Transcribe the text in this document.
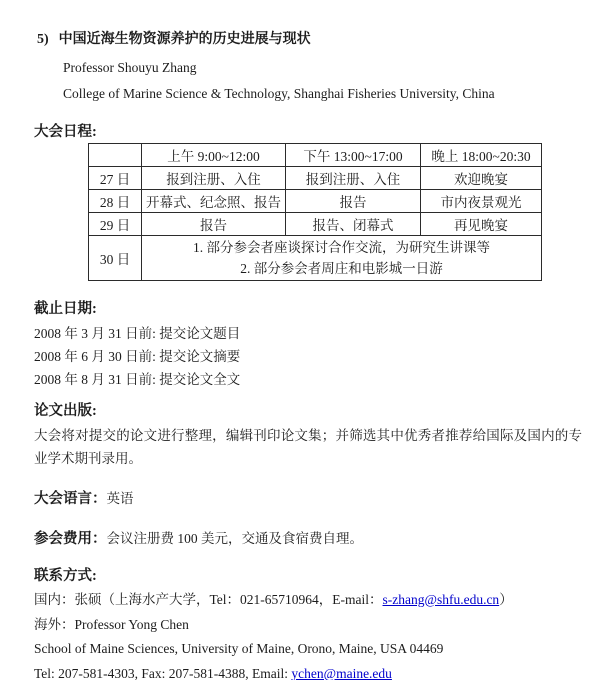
5) 中国近海生物资源养护的历史进展与现状
Professor Shouyu Zhang
College of Marine Science & Technology, Shanghai Fisheries University, China
大会日程:
	上午 9:00~12:00	下午 13:00~17:00	晚上 18:00~20:30
27 日	报到注册、入住	报到注册、入住	欢迎晚宴
28 日	开幕式、纪念照、报告	报告	市内夜景观光
29 日	报告	报告、闭幕式	再见晚宴
30 日	1. 部分参会者座谈探讨合作交流，为研究生讲课等
2. 部分参会者周庄和电影城一日游		
截止日期:
2008 年 3 月 31 日前: 提交论文题目
2008 年 6 月 30 日前: 提交论文摘要
2008 年 8 月 31 日前: 提交论文全文
论文出版:
大会将对提交的论文进行整理，编辑刊印论文集；并筛选其中优秀者推荐给国际及国内的专业学术期刊录用。
大会语言：英语
参会费用：会议注册费 100 美元，交通及食宿费自理。
联系方式:
国内：张硕（上海水产大学，Tel：021-65710964，E-mail：s-zhang@shfu.edu.cn）
海外：Professor Yong Chen
School of Maine Sciences, University of Maine, Orono, Maine, USA 04469
Tel: 207-581-4303, Fax: 207-581-4388, Email: ychen@maine.edu
